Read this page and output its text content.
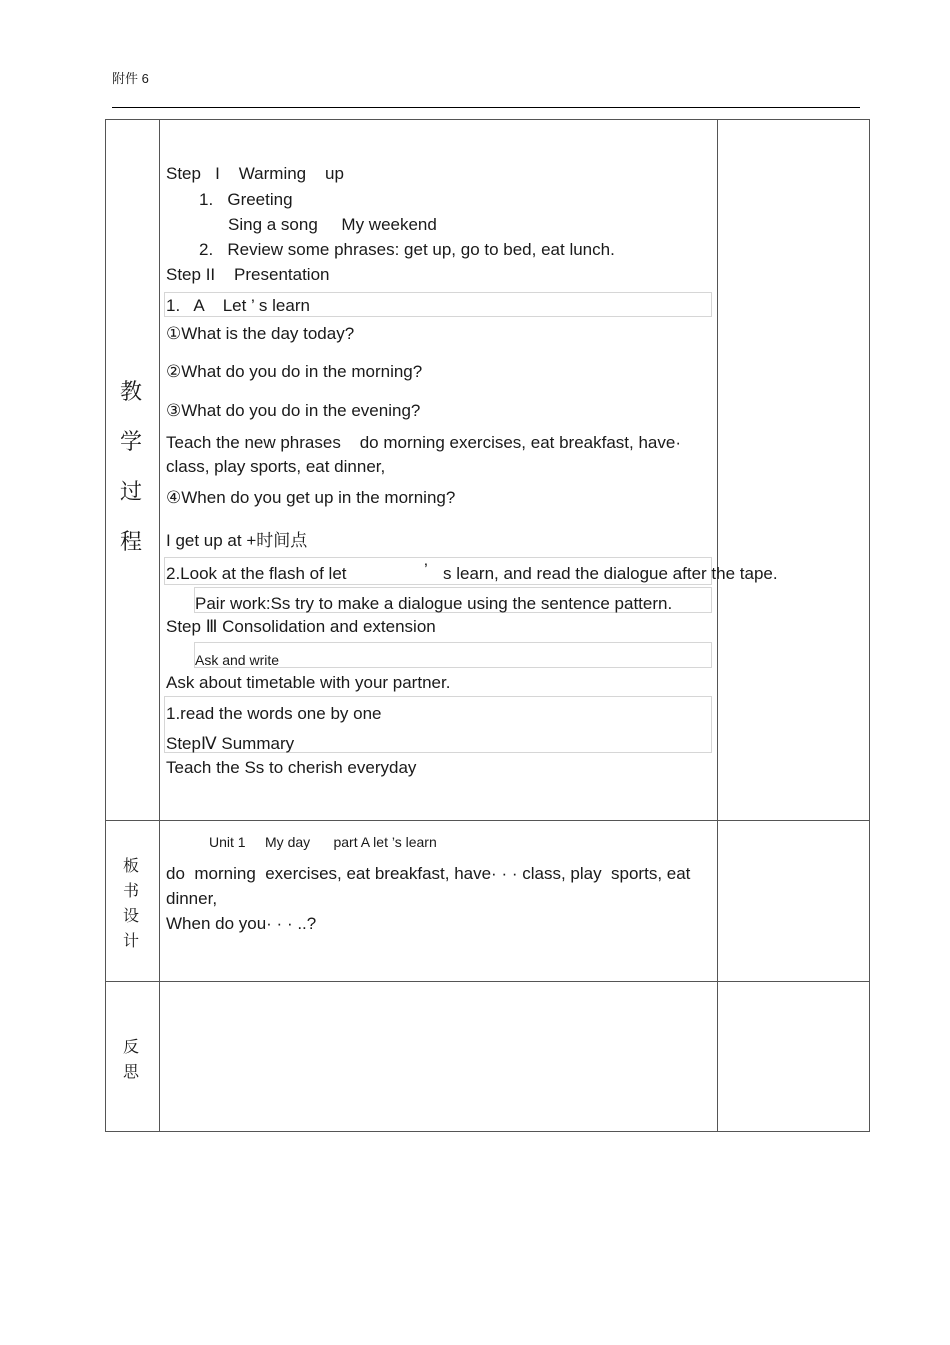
附件 6
教
学
过
程
板
书
设
计
反
思
Step   I    Warming    up
1.   Greeting
Sing a song     My weekend
2.   Review some phrases: get up, go to bed, eat lunch.
Step II    Presentation
1.   A    Let ’ s learn
①What is the day today?
②What do you do in the morning?
③What do you do in the evening?
Teach the new phrases    do morning exercises, eat breakfast, have·
class, play sports, eat dinner,
④When do you get up in the morning?
I get up at +时间点
2.Look at the flash of let	’ s learn, and read the dialogue after the tape.
Pair work:Ss try to make a dialogue using the sentence pattern.
Step Ⅲ Consolidation and extension
Ask and write
Ask about timetable with your partner.
1.read the words one by one
StepⅣ Summary
Teach the Ss to cherish everyday
Unit 1     My day      part A let ’s learn
do  morning  exercises, eat breakfast, have· · · class, play  sports, eat
dinner,
When do you· · · ..?
